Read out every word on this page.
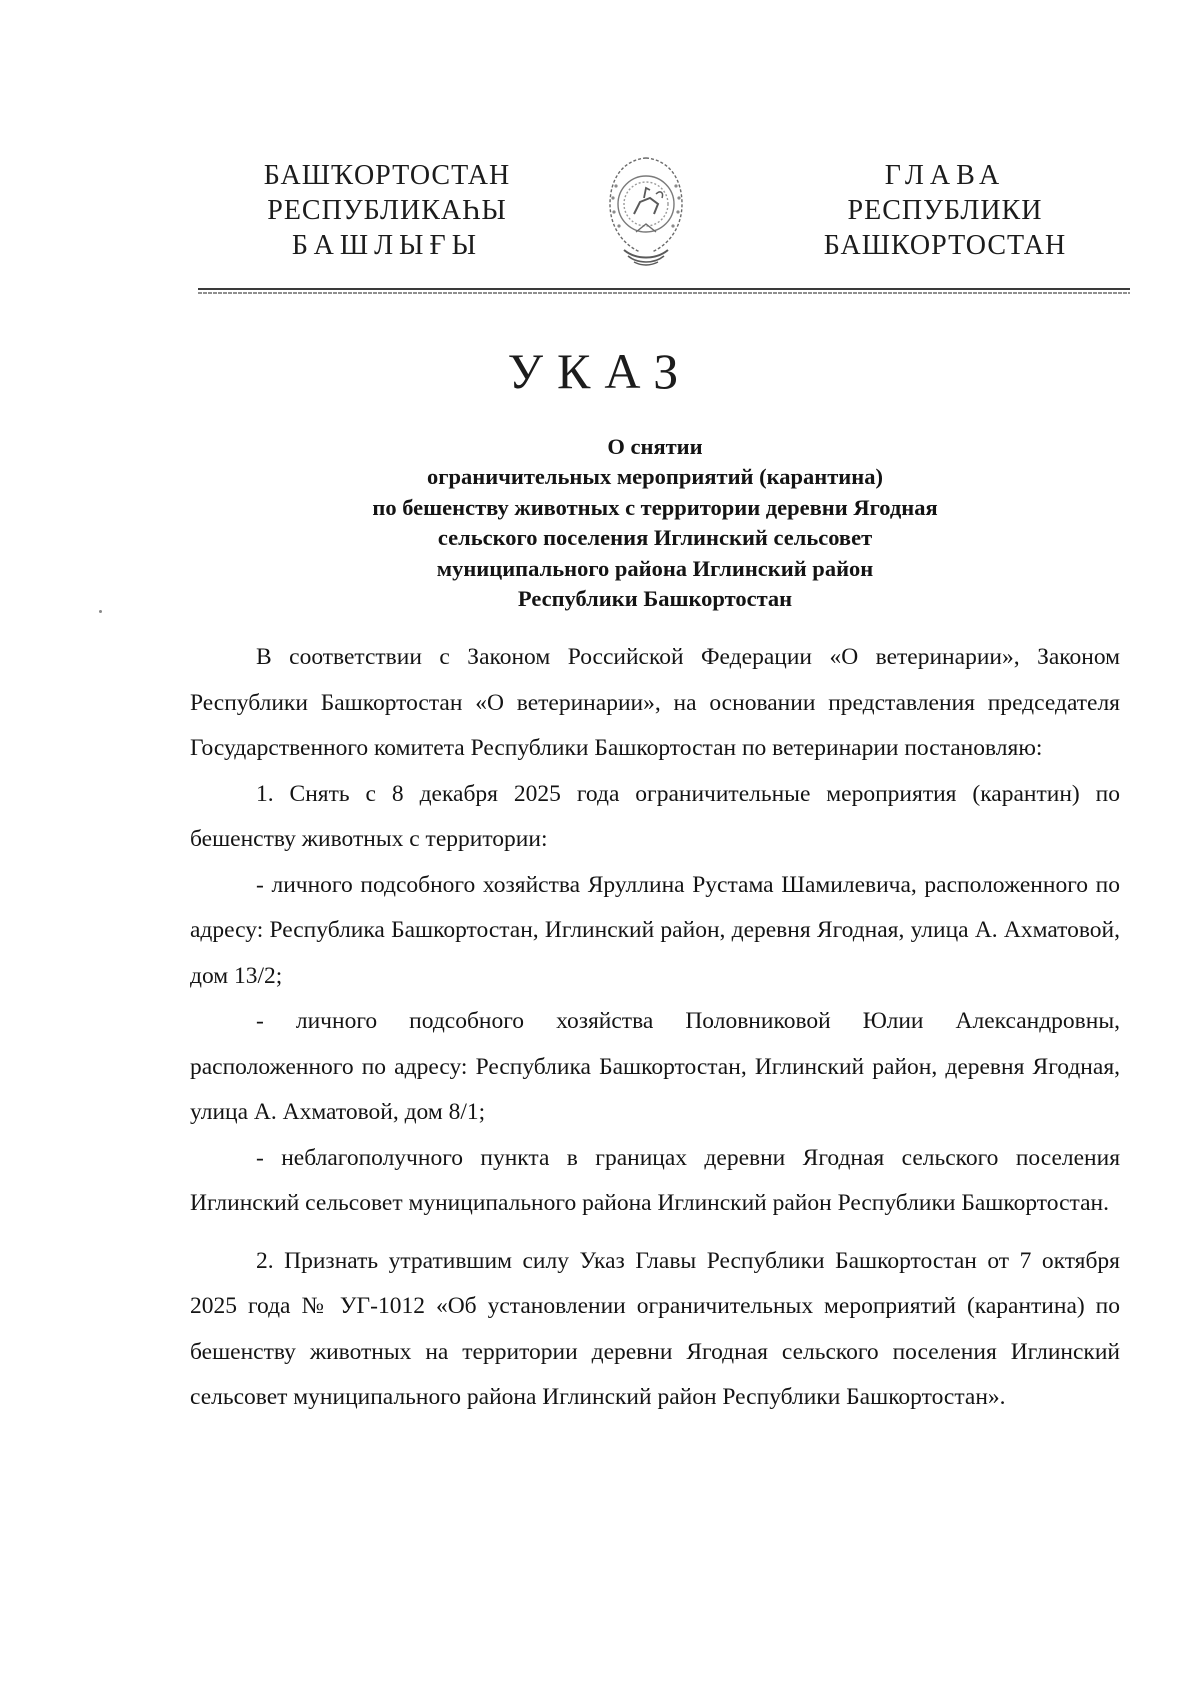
БАШҠОРТОСТАН
РЕСПУБЛИКАҺЫ
БАШЛЫҒЫ
ГЛАВА
РЕСПУБЛИКИ
БАШКОРТОСТАН
УКАЗ
О снятии
ограничительных мероприятий (карантина)
по бешенству животных с территории деревни Ягодная
сельского поселения Иглинский сельсовет
муниципального района Иглинский район
Республики Башкортостан

В соответствии с Законом Российской Федерации «О ветеринарии», Законом Республики Башкортостан «О ветеринарии», на основании представления председателя Государственного комитета Республики Башкортостан по ветеринарии постановляю:

1. Снять с 8 декабря 2025 года ограничительные мероприятия (карантин) по бешенству животных с территории:

- личного подсобного хозяйства Яруллина Рустама Шамилевича, расположенного по адресу: Республика Башкортостан, Иглинский район, деревня Ягодная, улица А. Ахматовой, дом 13/2;

- личного подсобного хозяйства Половниковой Юлии Александровны, расположенного по адресу: Республика Башкортостан, Иглинский район, деревня Ягодная, улица А. Ахматовой, дом 8/1;

- неблагополучного пункта в границах деревни Ягодная сельского поселения Иглинский сельсовет муниципального района Иглинский район Республики Башкортостан.

2. Признать утратившим силу Указ Главы Республики Башкортостан от 7 октября 2025 года № УГ-1012 «Об установлении ограничительных мероприятий (карантина) по бешенству животных на территории деревни Ягодная сельского поселения Иглинский сельсовет муниципального района Иглинский район Республики Башкортостан».
